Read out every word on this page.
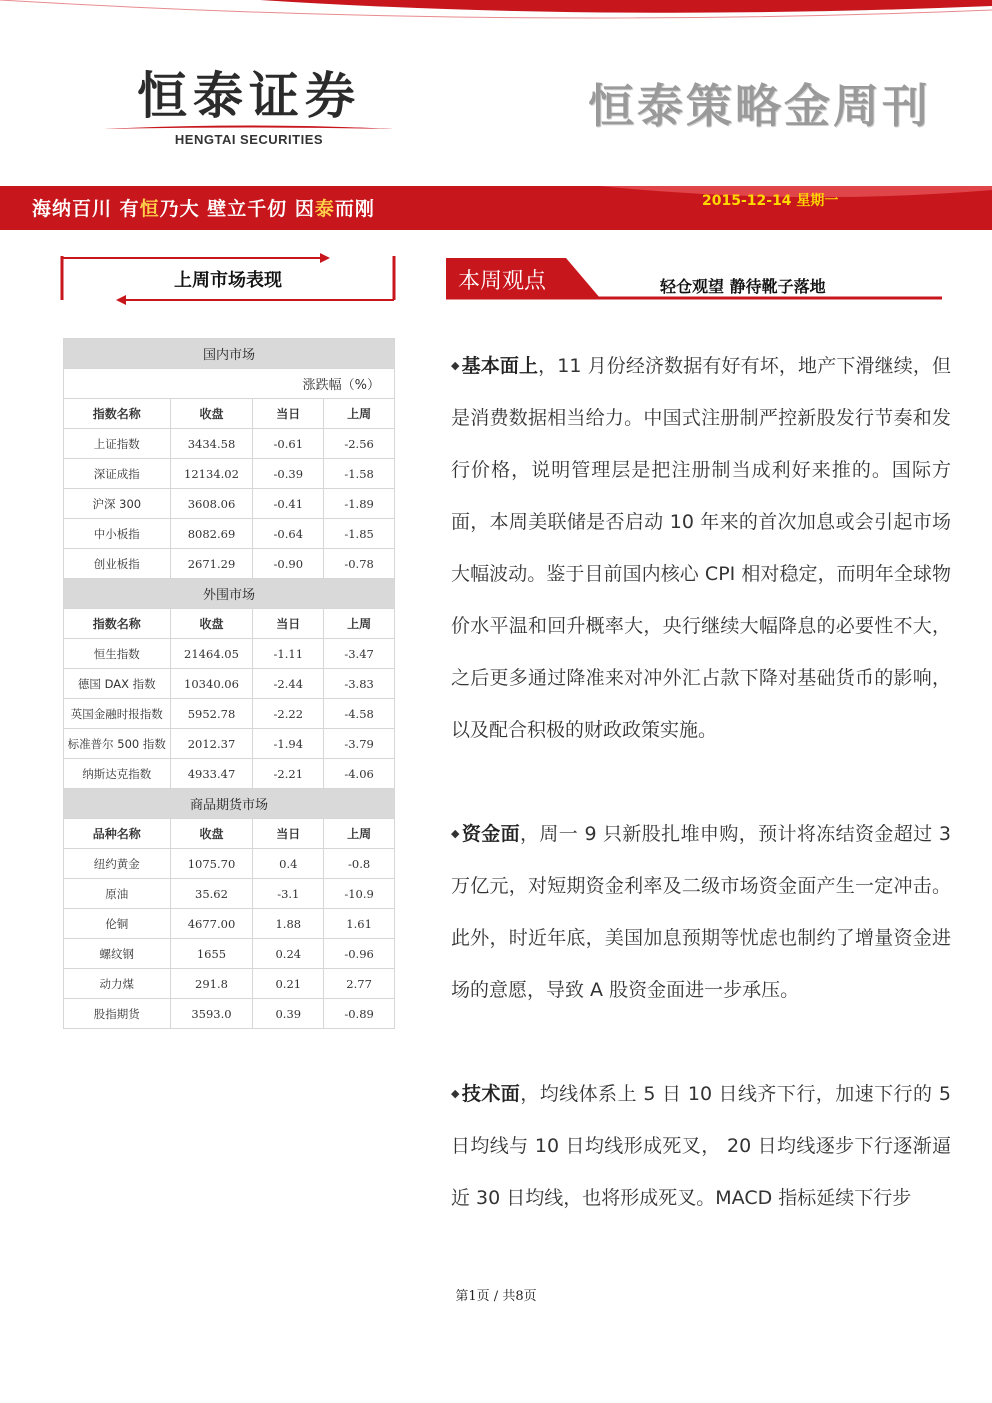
恒泰证券
HENGTAI SECURITIES
恒泰策略金周刊
海纳百川 有恒乃大 壁立千仞 因泰而刚	2015-12-14 星期一
上周市场表现
国内市场			
涨跌幅（%）			
指数名称	收盘	当日	上周
上证指数	3434.58	-0.61	-2.56
深证成指	12134.02	-0.39	-1.58
沪深 300	3608.06	-0.41	-1.89
中小板指	8082.69	-0.64	-1.85
创业板指	2671.29	-0.90	-0.78
外围市场			
指数名称	收盘	当日	上周
恒生指数	21464.05	-1.11	-3.47
德国 DAX 指数	10340.06	-2.44	-3.83
英国金融时报指数	5952.78	-2.22	-4.58
标准普尔 500 指数	2012.37	-1.94	-3.79
纳斯达克指数	4933.47	-2.21	-4.06
商品期货市场			
品种名称	收盘	当日	上周
纽约黄金	1075.70	0.4	-0.8
原油	35.62	-3.1	-10.9
伦铜	4677.00	1.88	1.61
螺纹钢	1655	0.24	-0.96
动力煤	291.8	0.21	2.77
股指期货	3593.0	0.39	-0.89
本周观点	轻仓观望 静待靴子落地
◆ 基本面上，11 月份经济数据有好有坏，地产下滑继续，但是消费数据相当给力。中国式注册制严控新股发行节奏和发行价格，说明管理层是把注册制当成利好来推的。国际方面，本周美联储是否启动 10 年来的首次加息或会引起市场大幅波动。鉴于目前国内核心 CPI 相对稳定，而明年全球物价水平温和回升概率大，央行继续大幅降息的必要性不大，之后更多通过降准来对冲外汇占款下降对基础货币的影响，以及配合积极的财政政策实施。
◆ 资金面，周一 9 只新股扎堆申购，预计将冻结资金超过 3 万亿元，对短期资金利率及二级市场资金面产生一定冲击。此外，时近年底，美国加息预期等忧虑也制约了增量资金进场的意愿，导致 A 股资金面进一步承压。
◆ 技术面，均线体系上 5 日 10 日线齐下行，加速下行的 5 日均线与 10 日均线形成死叉， 20 日均线逐步下行逐渐逼近 30 日均线，也将形成死叉。MACD 指标延续下行步
第1页 / 共8页
